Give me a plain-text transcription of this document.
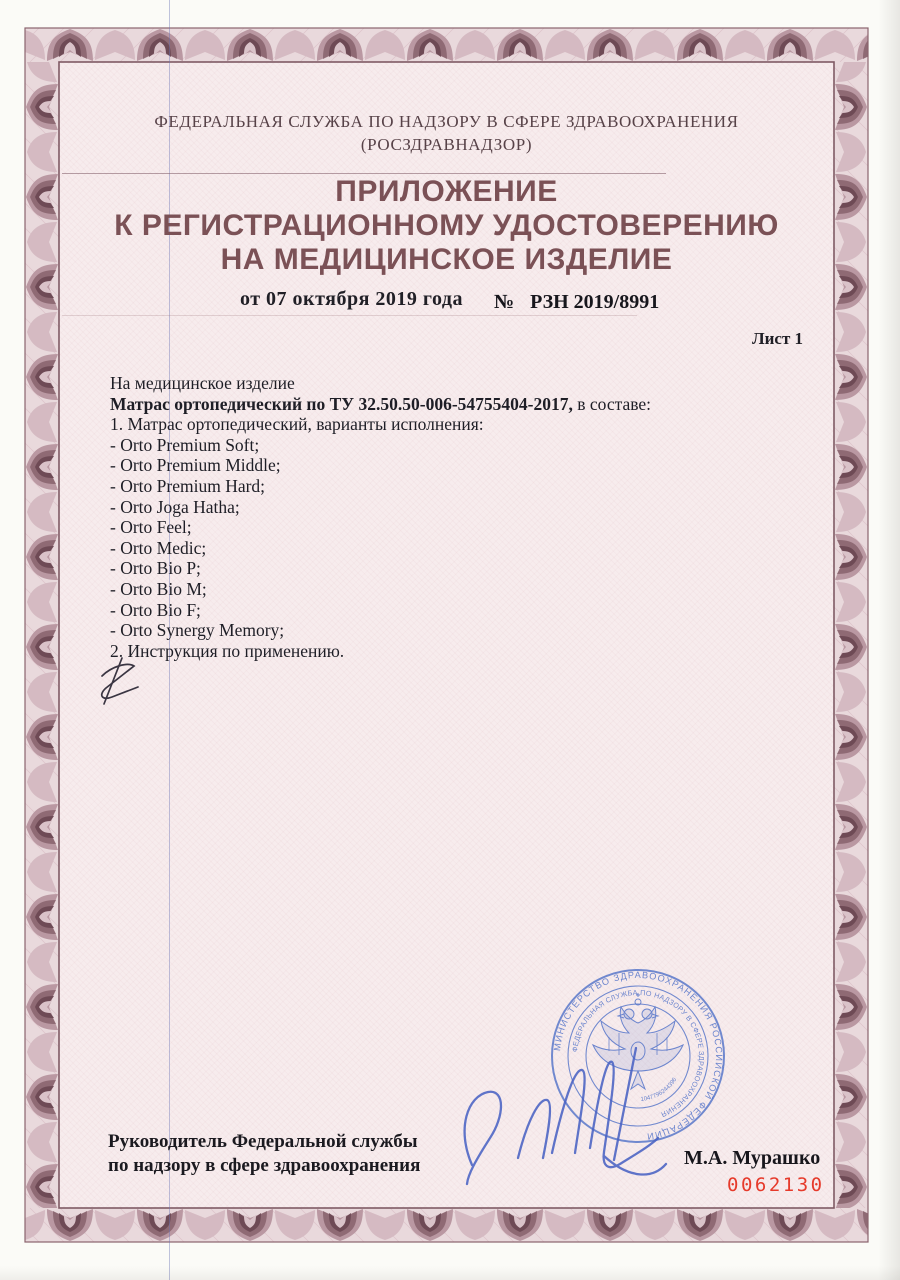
ФЕДЕРАЛЬНАЯ СЛУЖБА ПО НАДЗОРУ В СФЕРЕ ЗДРАВООХРАНЕНИЯ
(РОСЗДРАВНАДЗОР)
ПРИЛОЖЕНИЕ
К РЕГИСТРАЦИОННОМУ УДОСТОВЕРЕНИЮ
НА МЕДИЦИНСКОЕ ИЗДЕЛИЕ
от 07 октября 2019 года № РЗН 2019/8991
Лист 1
На медицинское изделие
Матрас ортопедический по ТУ 32.50.50-006-54755404-2017, в составе:
1. Матрас ортопедический, варианты исполнения:
- Orto Premium Soft;
- Orto Premium Middle;
- Orto Premium Hard;
- Orto Joga Hatha;
- Orto Feel;
- Orto Medic;
- Orto Bio P;
- Orto Bio M;
- Orto Bio F;
- Orto Synergy Memory;
2. Инструкция по применению.
МИНИСТЕРСТВО ЗДРАВООХРАНЕНИЯ РОССИЙСКОЙ ФЕДЕРАЦИИ
ФЕДЕРАЛЬНАЯ СЛУЖБА ПО НАДЗОРУ В СФЕРЕ ЗДРАВООХРАНЕНИЯ
1047796244396
Руководитель Федеральной службы
по надзору в сфере здравоохранения	М.А. Мурашко
0062130
